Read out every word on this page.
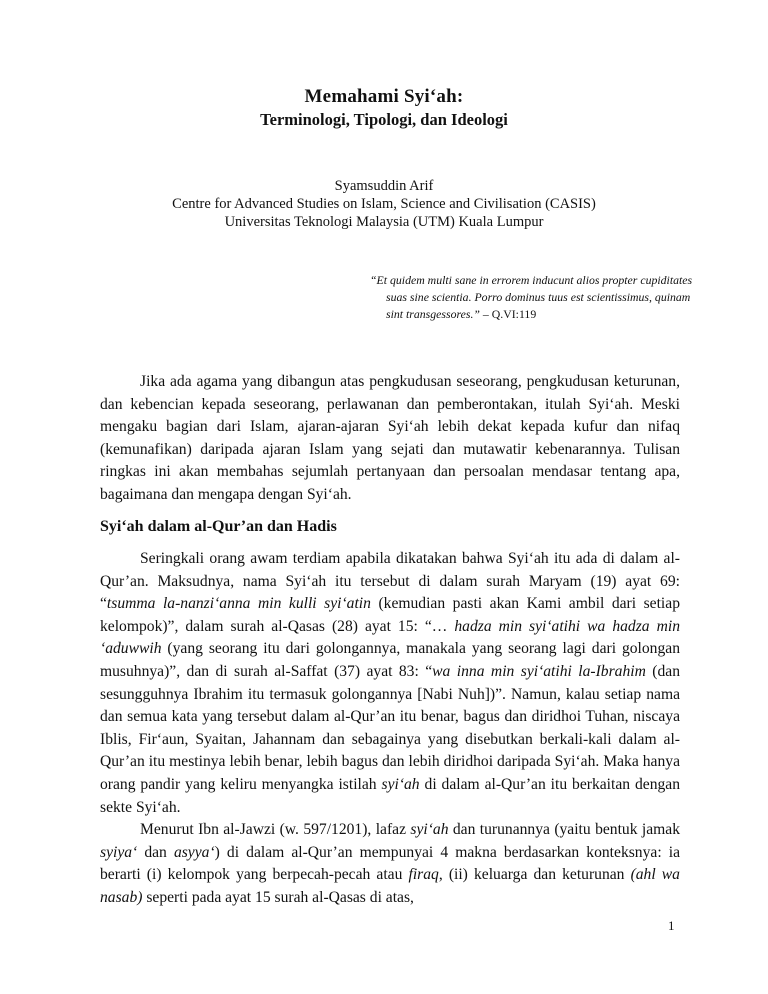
Memahami Syi‘ah:
Terminologi, Tipologi, dan Ideologi
Syamsuddin Arif
Centre for Advanced Studies on Islam, Science and Civilisation (CASIS)
Universitas Teknologi Malaysia (UTM) Kuala Lumpur
“Et quidem multi sane in errorem inducunt alios propter cupiditates suas sine scientia. Porro dominus tuus est scientissimus, quinam sint transgessores.” – Q.VI:119

Jika ada agama yang dibangun atas pengkudusan seseorang, pengkudusan keturunan, dan kebencian kepada seseorang, perlawanan dan pemberontakan, itulah Syi‘ah. Meski mengaku bagian dari Islam, ajaran-ajaran Syi‘ah lebih dekat kepada kufur dan nifaq (kemunafikan) daripada ajaran Islam yang sejati dan mutawatir kebenarannya. Tulisan ringkas ini akan membahas sejumlah pertanyaan dan persoalan mendasar tentang apa, bagaimana dan mengapa dengan Syi‘ah.

Syi‘ah dalam al-Qur’an dan Hadis

Seringkali orang awam terdiam apabila dikatakan bahwa Syi‘ah itu ada di dalam al-Qur’an. Maksudnya, nama Syi‘ah itu tersebut di dalam surah Maryam (19) ayat 69: “tsumma la-nanzi‘anna min kulli syi‘atin (kemudian pasti akan Kami ambil dari setiap kelompok)”, dalam surah al-Qasas (28) ayat 15: “… hadza min syi‘atihi wa hadza min ‘aduwwih (yang seorang itu dari golongannya, manakala yang seorang lagi dari golongan musuhnya)”, dan di surah al-Saffat (37) ayat 83: “wa inna min syi‘atihi la-Ibrahim (dan sesungguhnya Ibrahim itu termasuk golongannya [Nabi Nuh])”. Namun, kalau setiap nama dan semua kata yang tersebut dalam al-Qur’an itu benar, bagus dan diridhoi Tuhan, niscaya Iblis, Fir‘aun, Syaitan, Jahannam dan sebagainya yang disebutkan berkali-kali dalam al-Qur’an itu mestinya lebih benar, lebih bagus dan lebih diridhoi daripada Syi‘ah. Maka hanya orang pandir yang keliru menyangka istilah syi‘ah di dalam al-Qur’an itu berkaitan dengan sekte Syi‘ah.

Menurut Ibn al-Jawzi (w. 597/1201), lafaz syi‘ah dan turunannya (yaitu bentuk jamak syiya‘ dan asyya‘) di dalam al-Qur’an mempunyai 4 makna berdasarkan konteksnya: ia berarti (i) kelompok yang berpecah-pecah atau firaq, (ii) keluarga dan keturunan (ahl wa nasab) seperti pada ayat 15 surah al-Qasas di atas,

1
